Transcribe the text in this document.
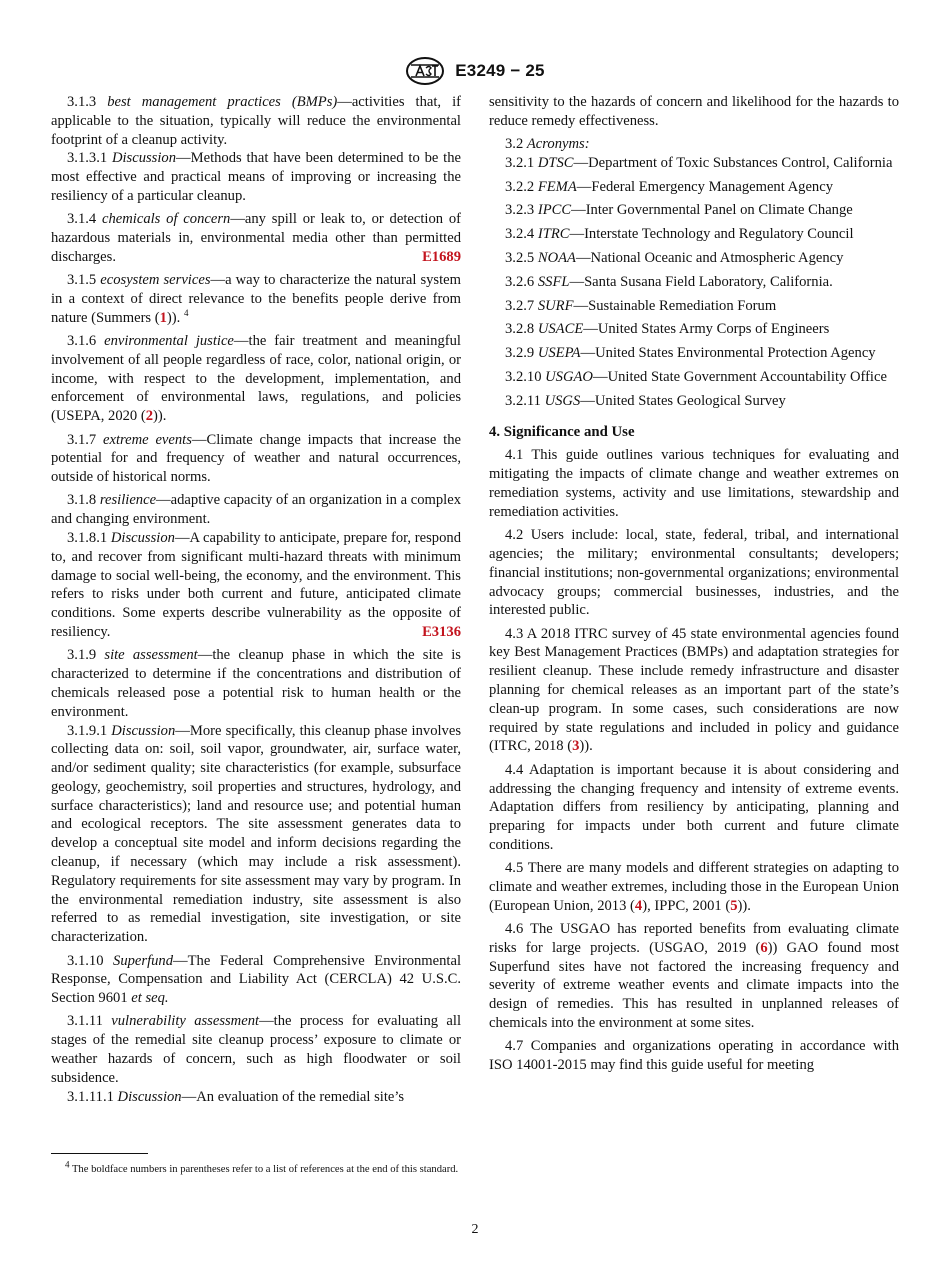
E3249 − 25

3.1.3 best management practices (BMPs)—activities that, if applicable to the situation, typically will reduce the environmental footprint of a cleanup activity.

3.1.3.1 Discussion—Methods that have been determined to be the most effective and practical means of improving or increasing the resiliency of a particular cleanup.

3.1.4 chemicals of concern—any spill or leak to, or detection of hazardous materials in, environmental media other than permitted discharges.	E1689

3.1.5 ecosystem services—a way to characterize the natural system in a context of direct relevance to the benefits people derive from nature (Summers (1)). $^4$

3.1.6 environmental justice—the fair treatment and meaningful involvement of all people regardless of race, color, national origin, or income, with respect to the development, implementation, and enforcement of environmental laws, regulations, and policies (USEPA, 2020 (2)).

3.1.7 extreme events—Climate change impacts that increase the potential for and frequency of weather and natural occurrences, outside of historical norms.

3.1.8 resilience—adaptive capacity of an organization in a complex and changing environment.

3.1.8.1 Discussion—A capability to anticipate, prepare for, respond to, and recover from significant multi-hazard threats with minimum damage to social well-being, the economy, and the environment. This refers to risks under both current and future, anticipated climate conditions. Some experts describe vulnerability as the opposite of resiliency.	E3136

3.1.9 site assessment—the cleanup phase in which the site is characterized to determine if the concentrations and distribution of chemicals released pose a potential risk to human health or the environment.

3.1.9.1 Discussion—More specifically, this cleanup phase involves collecting data on: soil, soil vapor, groundwater, air, surface water, and/or sediment quality; site characteristics (for example, subsurface geology, geochemistry, soil properties and structures, hydrology, and surface characteristics); land and resource use; and potential human and ecological receptors. The site assessment generates data to develop a conceptual site model and inform decisions regarding the cleanup, if necessary (which may include a risk assessment). Regulatory requirements for site assessment may vary by program. In the environmental remediation industry, site assessment is also referred to as remedial investigation, site investigation, or site characterization.

3.1.10 Superfund—The Federal Comprehensive Environmental Response, Compensation and Liability Act (CERCLA) 42 U.S.C. Section 9601 et seq.

3.1.11 vulnerability assessment—the process for evaluating all stages of the remedial site cleanup process’ exposure to climate or weather hazards of concern, such as high floodwater or soil subsidence.

3.1.11.1 Discussion—An evaluation of the remedial site’s

sensitivity to the hazards of concern and likelihood for the hazards to reduce remedy effectiveness.

3.2 Acronyms:

3.2.1 DTSC—Department of Toxic Substances Control, California

3.2.2 FEMA—Federal Emergency Management Agency

3.2.3 IPCC—Inter Governmental Panel on Climate Change

3.2.4 ITRC—Interstate Technology and Regulatory Council

3.2.5 NOAA—National Oceanic and Atmospheric Agency

3.2.6 SSFL—Santa Susana Field Laboratory, California.

3.2.7 SURF—Sustainable Remediation Forum

3.2.8 USACE—United States Army Corps of Engineers

3.2.9 USEPA—United States Environmental Protection Agency

3.2.10 USGAO—United State Government Accountability Office

3.2.11 USGS—United States Geological Survey

4. Significance and Use

4.1 This guide outlines various techniques for evaluating and mitigating the impacts of climate change and weather extremes on remediation systems, activity and use limitations, stewardship and remediation activities.

4.2 Users include: local, state, federal, tribal, and international agencies; the military; environmental consultants; developers; financial institutions; non-governmental organizations; environmental advocacy groups; commercial businesses, industries, and the interested public.

4.3 A 2018 ITRC survey of 45 state environmental agencies found key Best Management Practices (BMPs) and adaptation strategies for resilient cleanup. These include remedy infrastructure and disaster planning for chemical releases as an important part of the state’s clean-up program. In some cases, such considerations are now required by state regulations and included in policy and guidance (ITRC, 2018 (3)).

4.4 Adaptation is important because it is about considering and addressing the changing frequency and intensity of extreme events. Adaptation differs from resiliency by anticipating, planning and preparing for impacts under both current and future climate conditions.

4.5 There are many models and different strategies on adapting to climate and weather extremes, including those in the European Union (European Union, 2013 (4), IPPC, 2001 (5)).

4.6 The USGAO has reported benefits from evaluating climate risks for large projects. (USGAO, 2019 (6)) GAO found most Superfund sites have not factored the increasing frequency and severity of extreme weather events and climate impacts into the design of remedies. This has resulted in unplanned releases of chemicals into the environment at some sites.

4.7 Companies and organizations operating in accordance with ISO 14001-2015 may find this guide useful for meeting

$^4$ The boldface numbers in parentheses refer to a list of references at the end of this standard.

2
